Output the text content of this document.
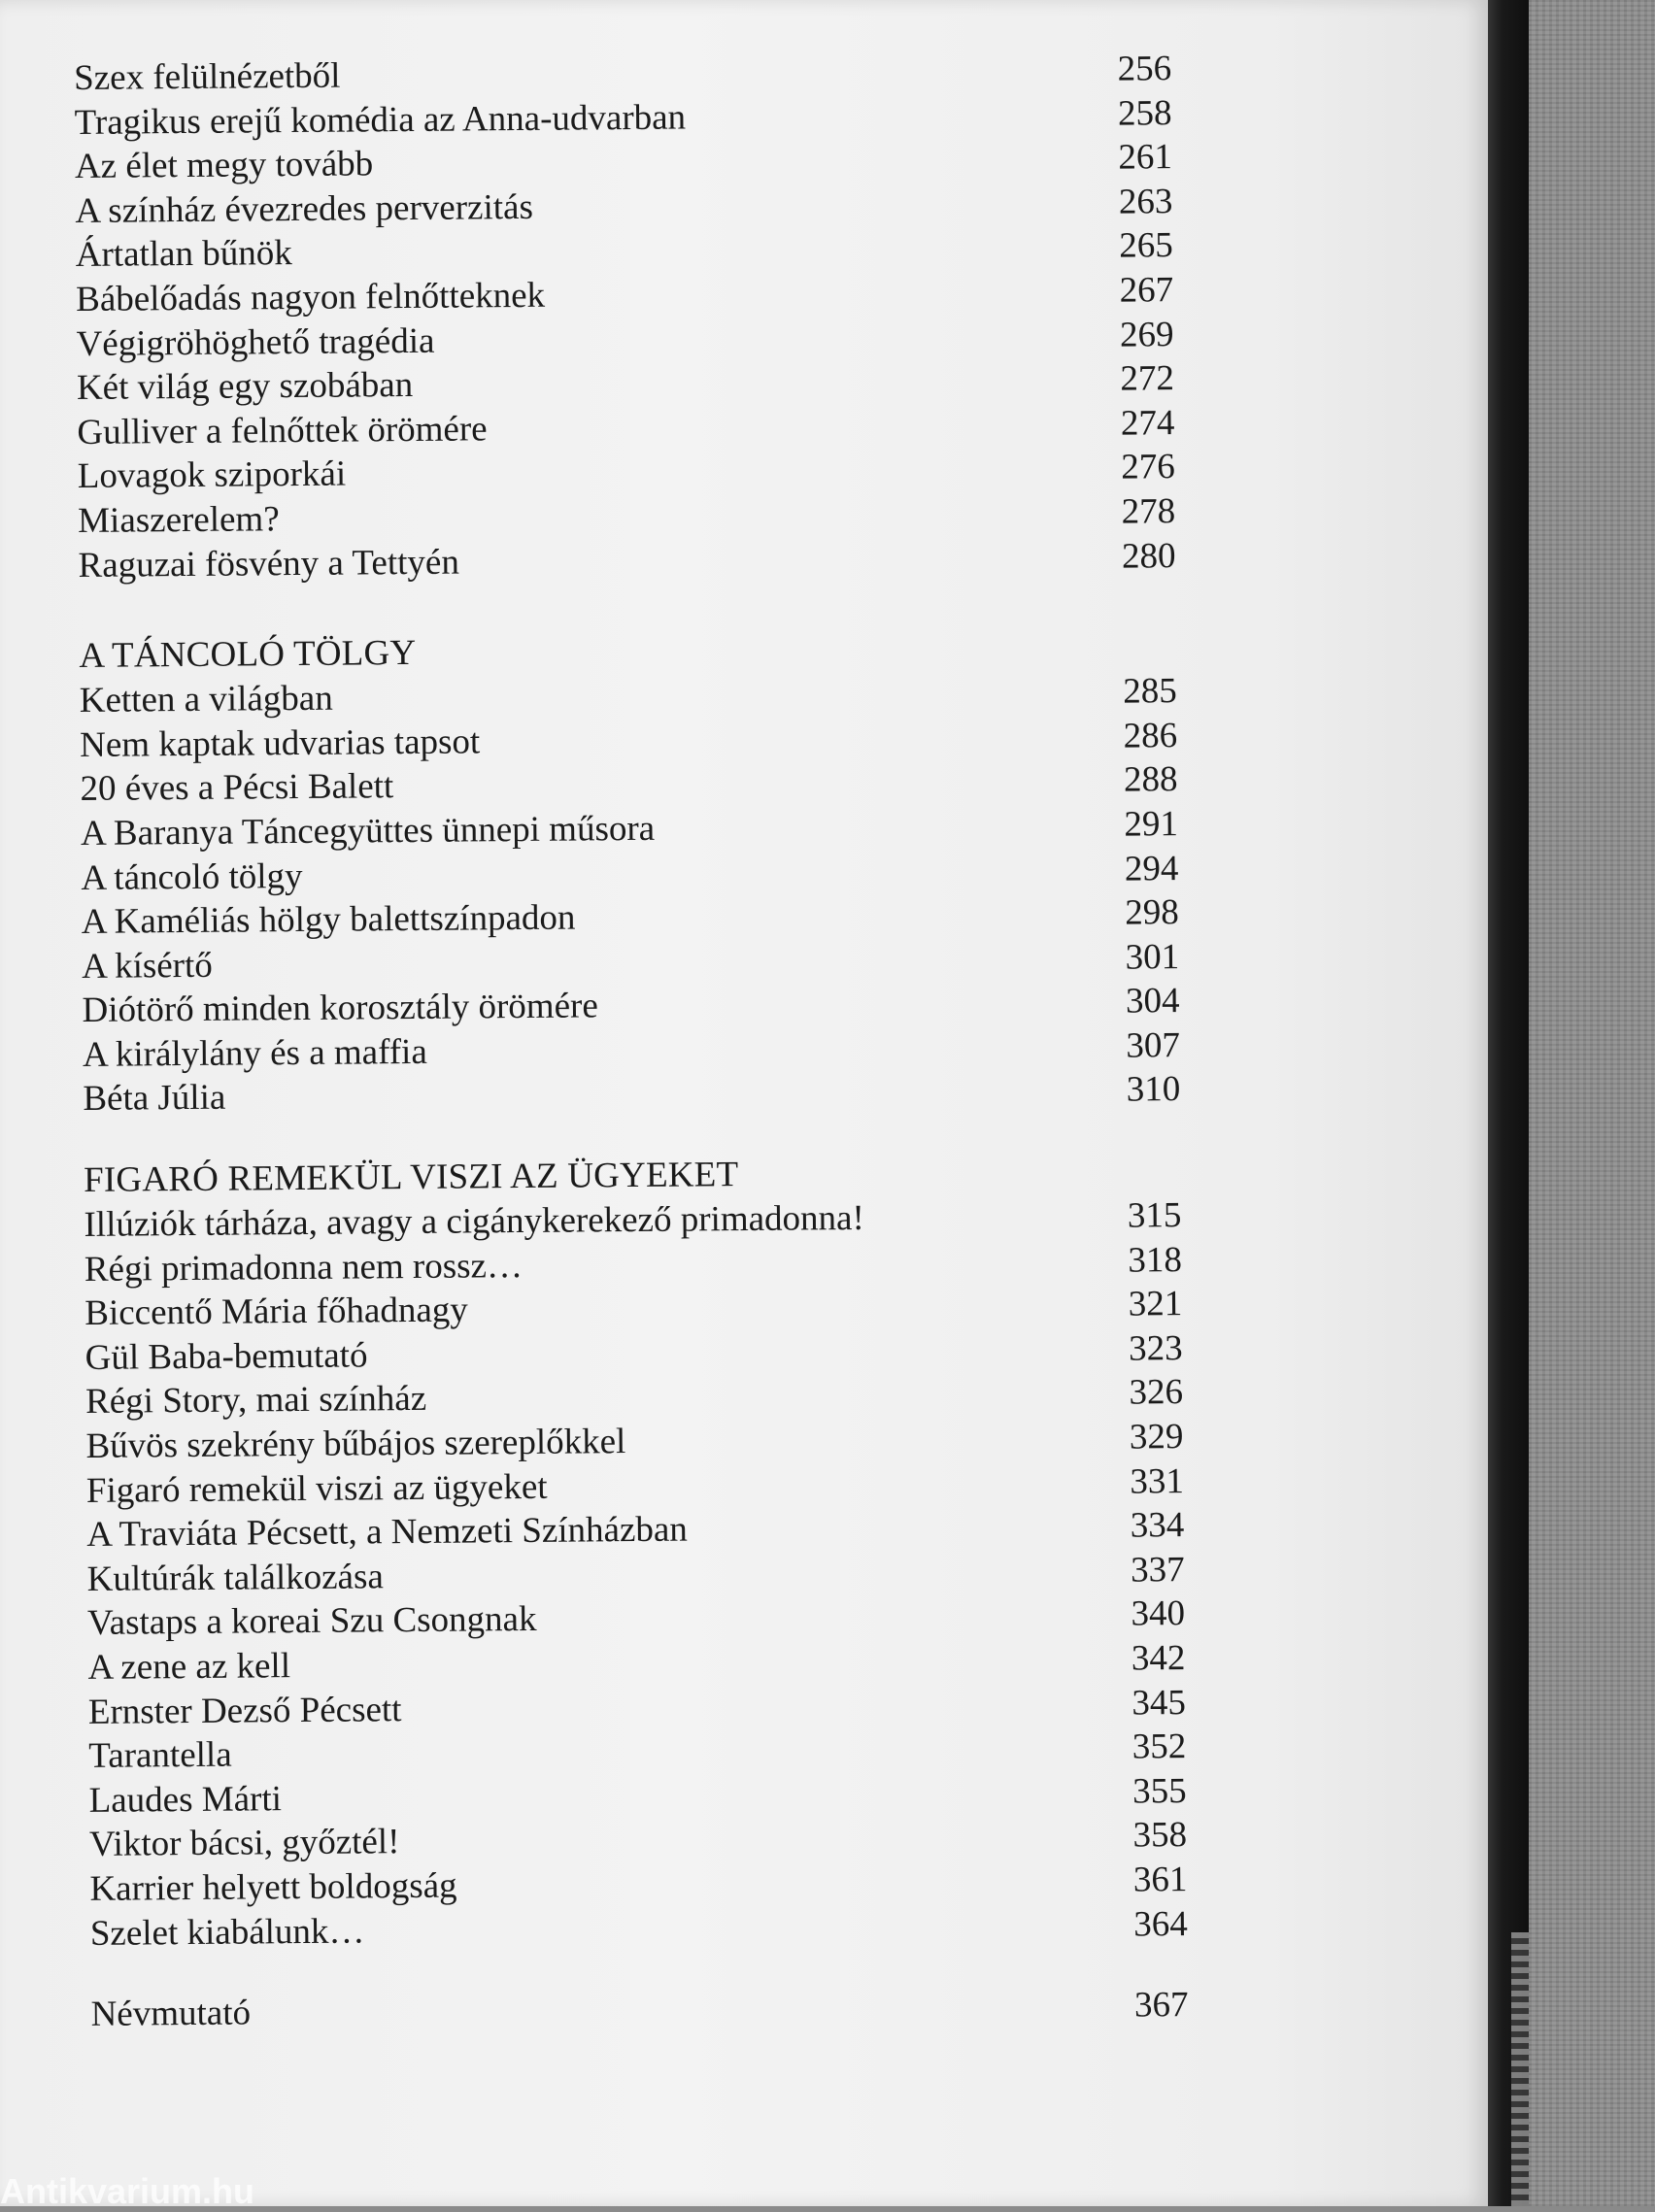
Szex felülnézetből	256
Tragikus erejű komédia az Anna-udvarban	258
Az élet megy tovább	261
A színház évezredes perverzitás	263
Ártatlan bűnök	265
Bábelőadás nagyon felnőtteknek	267
Végigröhöghető tragédia	269
Két világ egy szobában	272
Gulliver a felnőttek örömére	274
Lovagok sziporkái	276
Miaszerelem?	278
Raguzai fösvény a Tettyén	280
A TÁNCOLÓ TÖLGY
Ketten a világban	285
Nem kaptak udvarias tapsot	286
20 éves a Pécsi Balett	288
A Baranya Táncegyüttes ünnepi műsora	291
A táncoló tölgy	294
A Kaméliás hölgy balettszínpadon	298
A kísértő	301
Diótörő minden korosztály örömére	304
A királylány és a maffia	307
Béta Júlia	310
FIGARÓ REMEKÜL VISZI AZ ÜGYEKET
Illúziók tárháza, avagy a cigánykerekező primadonna!	315
Régi primadonna nem rossz…	318
Biccentő Mária főhadnagy	321
Gül Baba-bemutató	323
Régi Story, mai színház	326
Bűvös szekrény bűbájos szereplőkkel	329
Figaró remekül viszi az ügyeket	331
A Traviáta Pécsett, a Nemzeti Színházban	334
Kultúrák találkozása	337
Vastaps a koreai Szu Csongnak	340
A zene az kell	342
Ernster Dezső Pécsett	345
Tarantella	352
Laudes Márti	355
Viktor bácsi, győztél!	358
Karrier helyett boldogság	361
Szelet kiabálunk…	364
Névmutató	367
Antikvarium.hu
